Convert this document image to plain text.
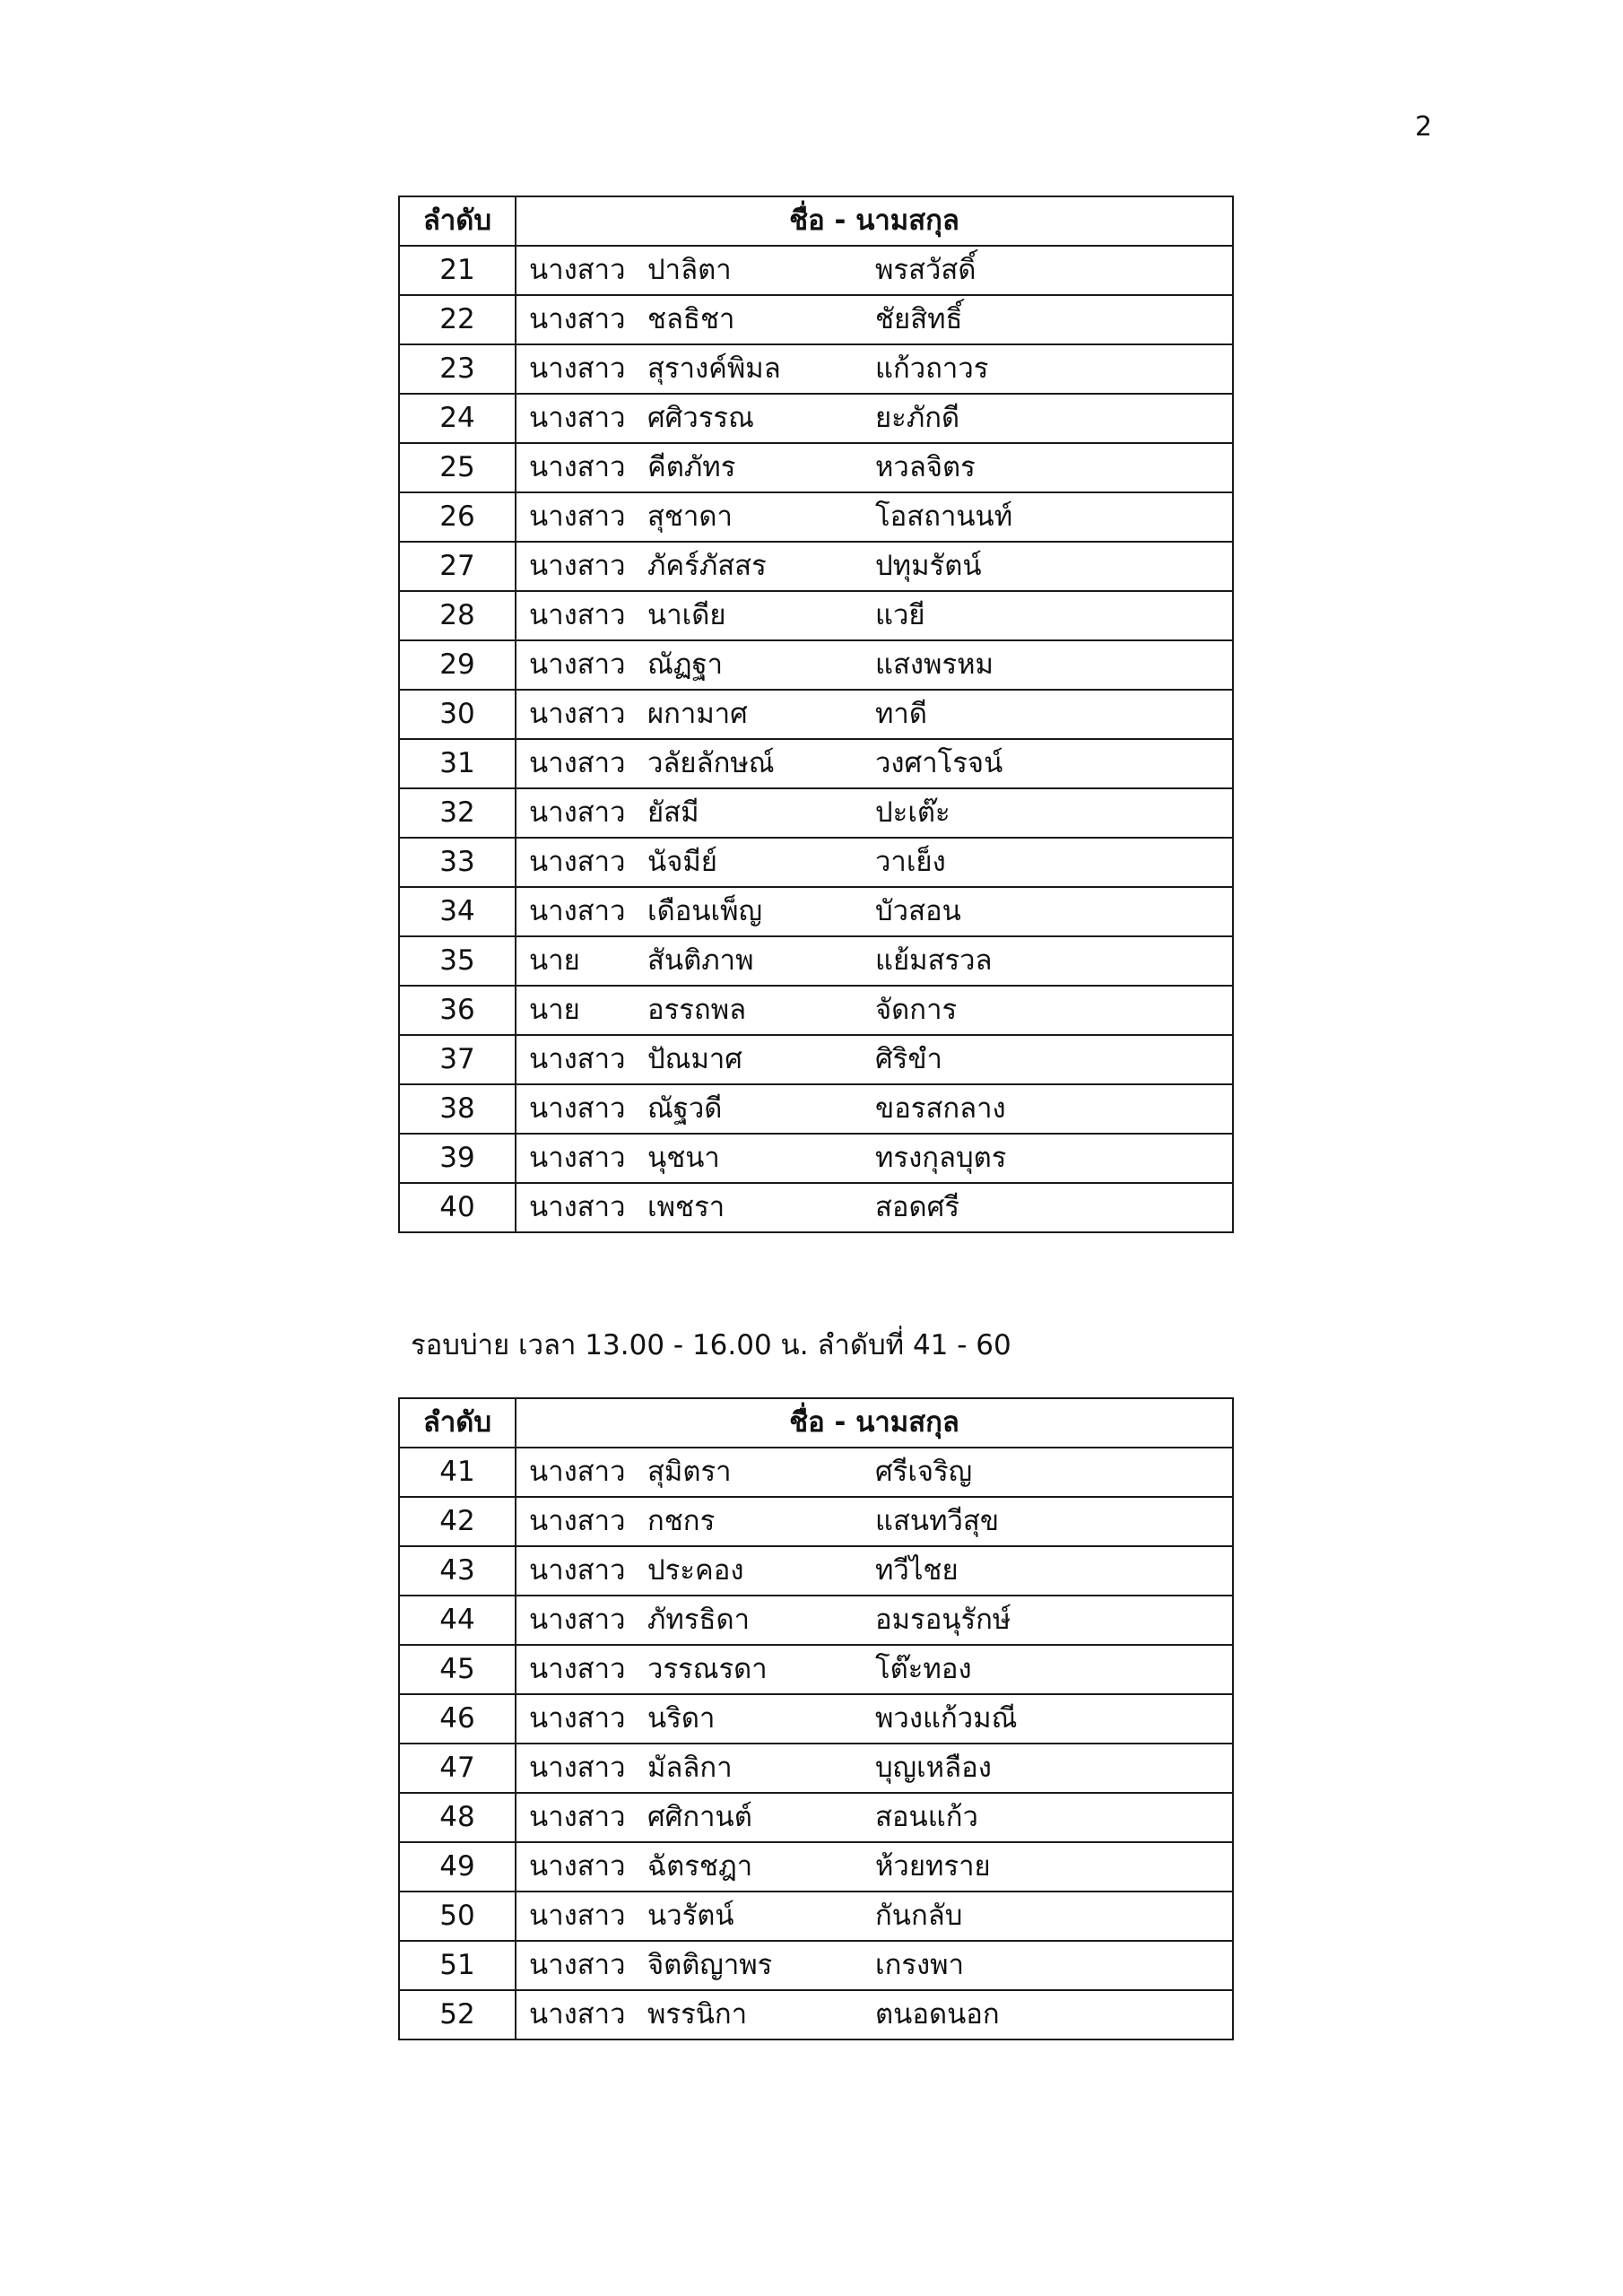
2
ลำดับ	ชื่อ - นามสกุล
21	นางสาว ปาลิตา พรสวัสดิ์

22	นางสาว ชลธิชา ชัยสิทธิ์

23	นางสาว สุรางค์พิมล แก้วถาวร

24	นางสาว ศศิวรรณ ยะภักดี

25	นางสาว คีตภัทร หวลจิตร

26	นางสาว สุชาดา โอสถานนท์

27	นางสาว ภัคร์ภัสสร ปทุมรัตน์

28	นางสาว นาเดีย แวยี

29	นางสาว ณัฏฐา แสงพรหม

30	นางสาว ผกามาศ ทาดี

31	นางสาว วลัยลักษณ์ วงศาโรจน์

32	นางสาว ยัสมี ปะเต๊ะ

33	นางสาว นัจมีย์ วาเย็ง

34	นางสาว เดือนเพ็ญ บัวสอน

35	นาย สันติภาพ แย้มสรวล

36	นาย อรรถพล จัดการ

37	นางสาว ปัณมาศ ศิริขำ

38	นางสาว ณัฐวดี ขอรสกลาง

39	นางสาว นุชนา ทรงกุลบุตร

40	นางสาว เพชรา สอดศรี
รอบบ่าย เวลา 13.00 - 16.00 น. ลำดับที่ 41 - 60
ลำดับ	ชื่อ - นามสกุล
41	นางสาว สุมิตรา ศรีเจริญ

42	นางสาว กชกร แสนทวีสุข

43	นางสาว ประคอง ทวีไชย

44	นางสาว ภัทรธิดา อมรอนุรักษ์

45	นางสาว วรรณรดา โต๊ะทอง

46	นางสาว นริดา พวงแก้วมณี

47	นางสาว มัลลิกา บุญเหลือง

48	นางสาว ศศิกานต์ สอนแก้ว

49	นางสาว ฉัตรชฎา ห้วยทราย

50	นางสาว นวรัตน์ กันกลับ

51	นางสาว จิตติญาพร เกรงพา

52	นางสาว พรรนิกา ตนอดนอก
